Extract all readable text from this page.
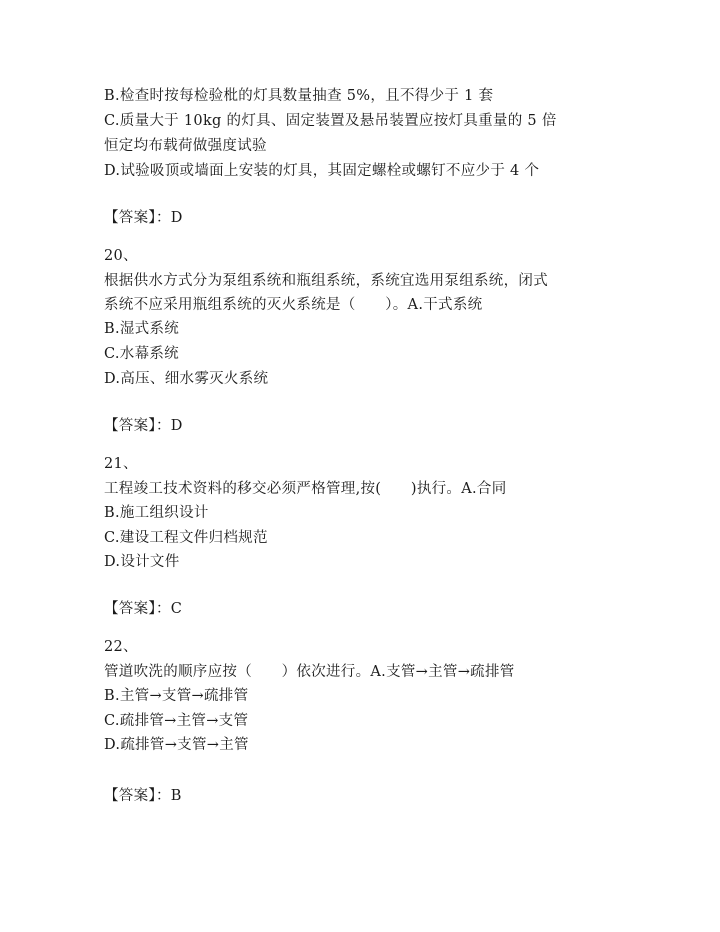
B.检查时按每检验枇的灯具数量抽查 5%，且不得少于 1 套
C.质量大于 10kg 的灯具、固定装置及悬吊装置应按灯具重量的 5 倍
恒定均布载荷做强度试验
D.试验吸顶或墙面上安装的灯具，其固定螺栓或螺钉不应少于 4 个
【答案】：D
20、
根据供水方式分为泵组系统和瓶组系统，系统宜选用泵组系统，闭式
系统不应采用瓶组系统的灭火系统是（　　）。A.干式系统
B.湿式系统
C.水幕系统
D.高压、细水雾灭火系统
【答案】：D
21、
工程竣工技术资料的移交必须严格管理,按(　　)执行。A.合同
B.施工组织设计
C.建设工程文件归档规范
D.设计文件
【答案】：C
22、
管道吹洗的顺序应按（　　）依次进行。A.支管→主管→疏排管
B.主管→支管→疏排管
C.疏排管→主管→支管
D.疏排管→支管→主管
【答案】：B
